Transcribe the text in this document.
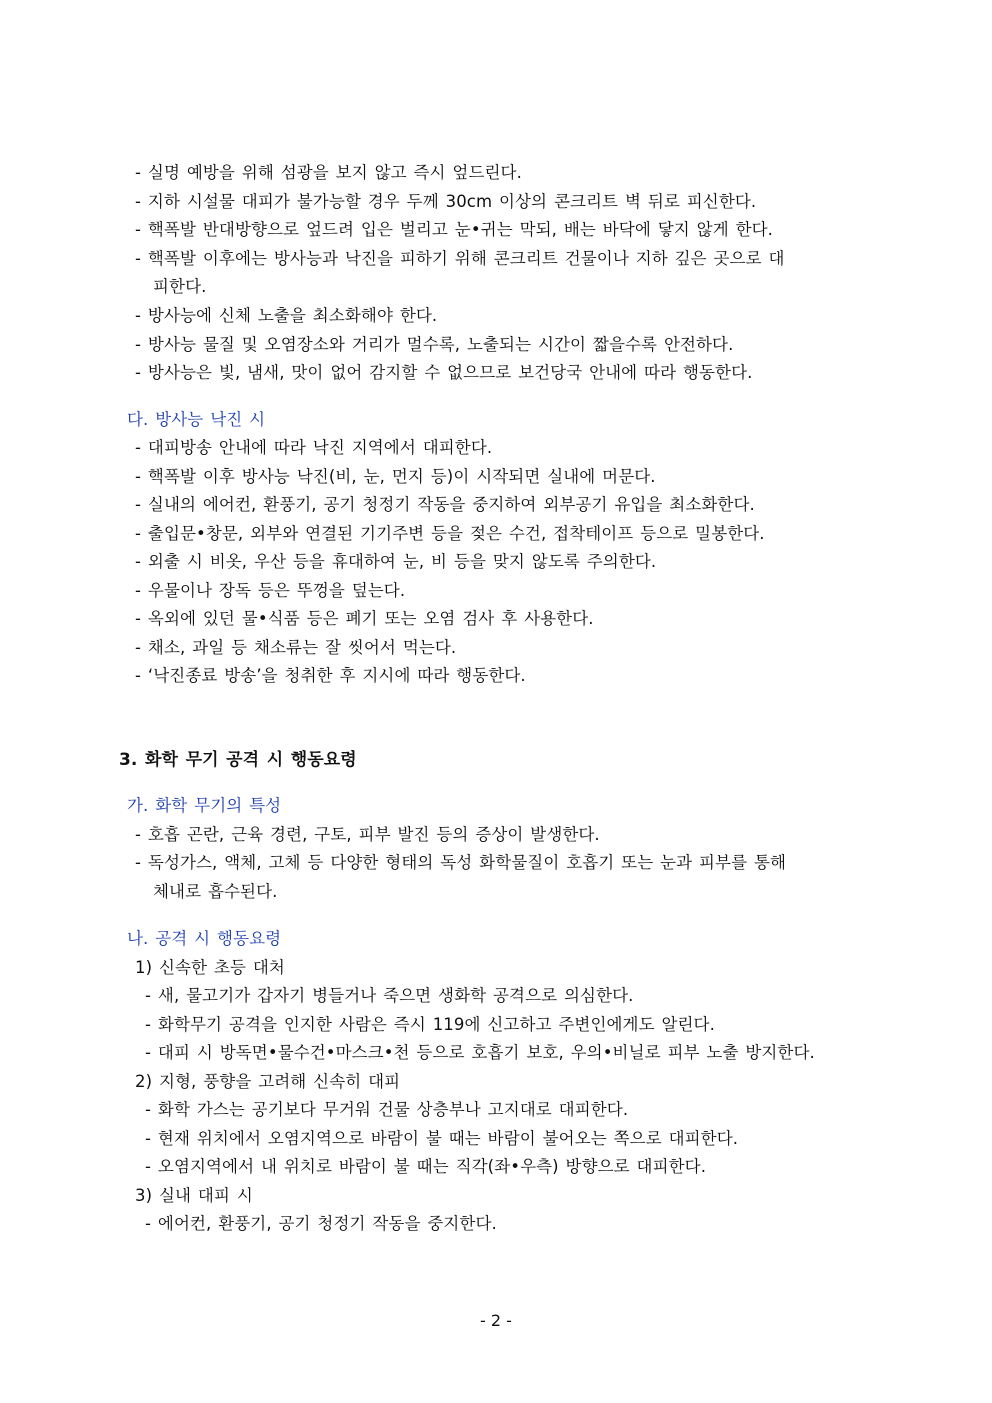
- 실명 예방을 위해 섬광을 보지 않고 즉시 엎드린다.
- 지하 시설물 대피가 불가능할 경우 두께 30cm 이상의 콘크리트 벽 뒤로 피신한다.
- 핵폭발 반대방향으로 엎드려 입은 벌리고 눈•귀는 막되, 배는 바닥에 닿지 않게 한다.
- 핵폭발 이후에는 방사능과 낙진을 피하기 위해 콘크리트 건물이나 지하 깊은 곳으로 대
피한다.
- 방사능에 신체 노출을 최소화해야 한다.
- 방사능 물질 및 오염장소와 거리가 멀수록, 노출되는 시간이 짧을수록 안전하다.
- 방사능은 빛, 냄새, 맛이 없어 감지할 수 없으므로 보건당국 안내에 따라 행동한다.
다. 방사능 낙진 시
- 대피방송 안내에 따라 낙진 지역에서 대피한다.
- 핵폭발 이후 방사능 낙진(비, 눈, 먼지 등)이 시작되면 실내에 머문다.
- 실내의 에어컨, 환풍기, 공기 청정기 작동을 중지하여 외부공기 유입을 최소화한다.
- 출입문•창문, 외부와 연결된 기기주변 등을 젖은 수건, 접착테이프 등으로 밀봉한다.
- 외출 시 비옷, 우산 등을 휴대하여 눈, 비 등을 맞지 않도록 주의한다.
- 우물이나 장독 등은 뚜껑을 덮는다.
- 옥외에 있던 물•식품 등은 폐기 또는 오염 검사 후 사용한다.
- 채소, 과일 등 채소류는 잘 씻어서 먹는다.
- ‘낙진종료 방송’을 청취한 후 지시에 따라 행동한다.
3. 화학 무기 공격 시 행동요령
가. 화학 무기의 특성
- 호흡 곤란, 근육 경련, 구토, 피부 발진 등의 증상이 발생한다.
- 독성가스, 액체, 고체 등 다양한 형태의 독성 화학물질이 호흡기 또는 눈과 피부를 통해
체내로 흡수된다.
나. 공격 시 행동요령
1) 신속한 초등 대처
- 새, 물고기가 갑자기 병들거나 죽으면 생화학 공격으로 의심한다.
- 화학무기 공격을 인지한 사람은 즉시 119에 신고하고 주변인에게도 알린다.
- 대피 시 방독면•물수건•마스크•천 등으로 호흡기 보호, 우의•비닐로 피부 노출 방지한다.
2) 지형, 풍향을 고려해 신속히 대피
- 화학 가스는 공기보다 무거워 건물 상층부나 고지대로 대피한다.
- 현재 위치에서 오염지역으로 바람이 불 때는 바람이 불어오는 쪽으로 대피한다.
- 오염지역에서 내 위치로 바람이 불 때는 직각(좌•우측) 방향으로 대피한다.
3) 실내 대피 시
- 에어컨, 환풍기, 공기 청정기 작동을 중지한다.
- 2 -
